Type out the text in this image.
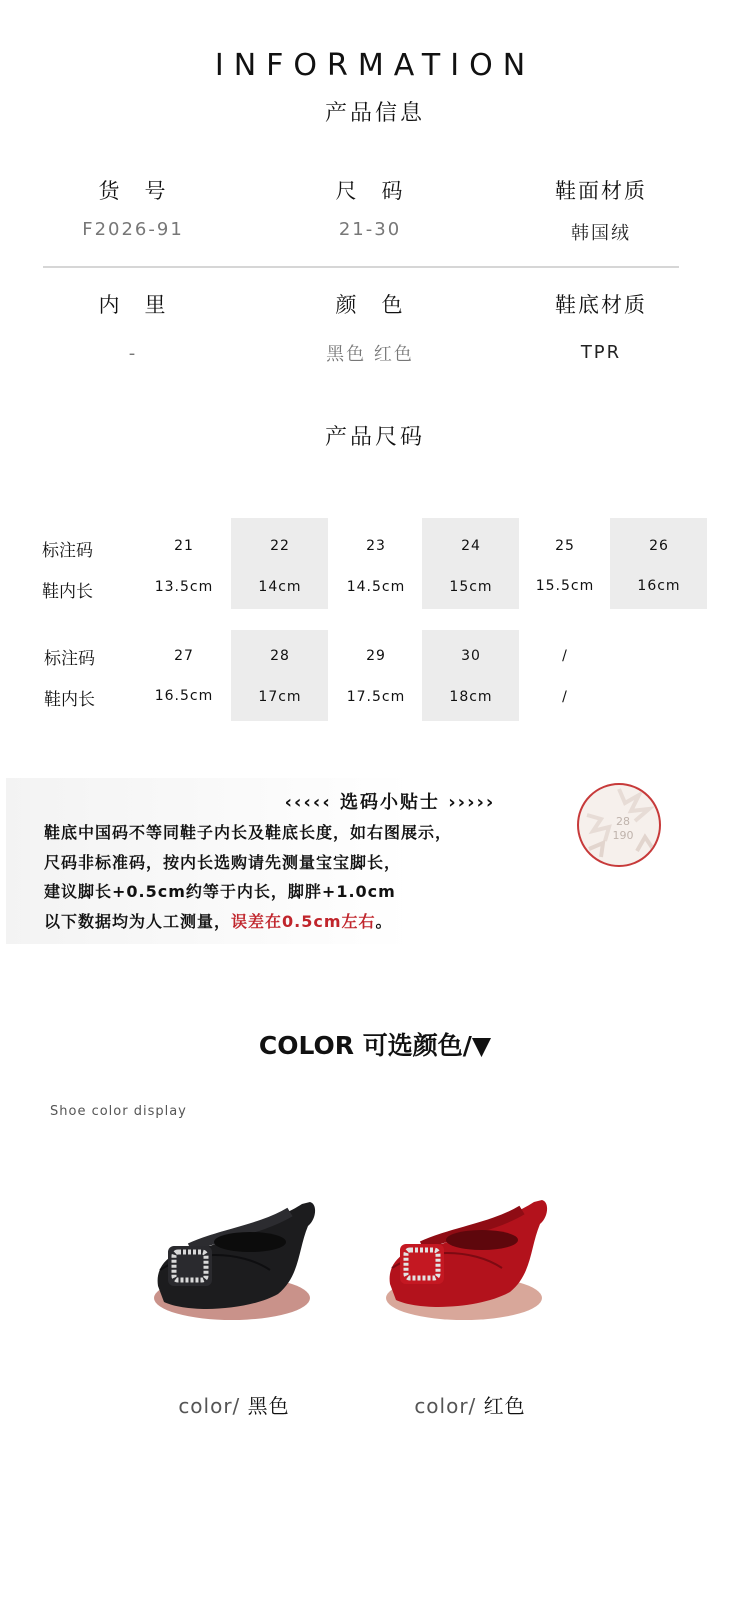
INFORMATION
产品信息
货　号
F2026-91
尺　码
21-30
鞋面材质
韩国绒
内　里
-
颜　色
黑色 红色
鞋底材质
TPR
产品尺码
标注码
鞋内长
21	22	23	24	25	26
13.5cm	14cm	14.5cm	15cm	15.5cm	16cm
标注码
鞋内长
27	28	29	30	/
16.5cm	17cm	17.5cm	18cm	/
‹‹‹‹‹ 选码小贴士 ›››››
鞋底中国码不等同鞋子内长及鞋底长度，如右图展示，
尺码非标准码，按内长选购请先测量宝宝脚长，
建议脚长+0.5cm约等于内长，脚胖+1.0cm
以下数据均为人工测量，误差在0.5cm左右。
28
190
COLOR 可选颜色/▼
Shoe color display
color/ 黑色	color/ 红色
